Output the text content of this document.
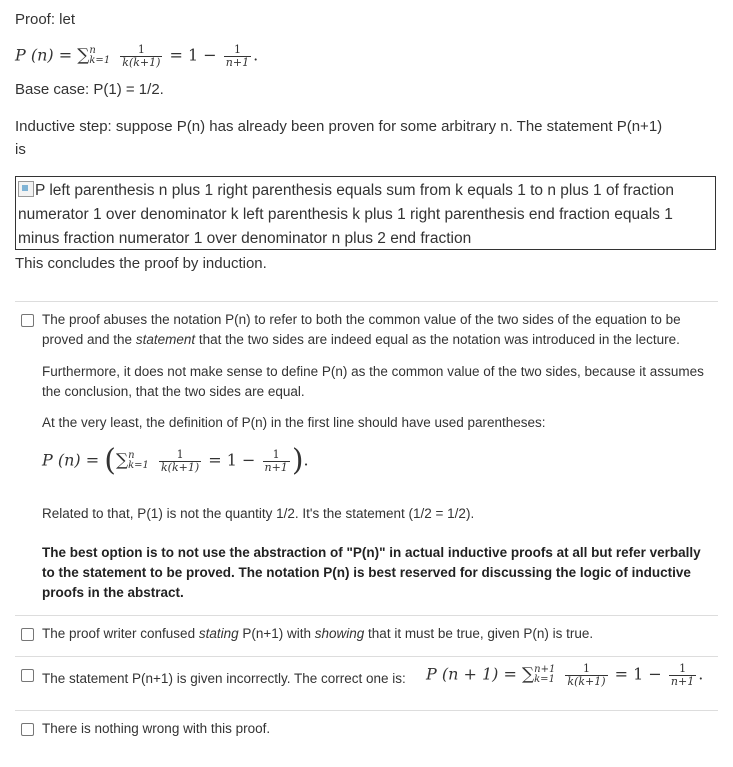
Proof: let
P (n) = ∑ n
k=1
$\frac{1}{k(k+1)} = 1 - \frac{1}{n+1}$ .
Base case: P(1) = 1/2.
Inductive step: suppose P(n) has already been proven for some arbitrary n. The statement P(n+1)
is
P left parenthesis n plus 1 right parenthesis equals sum from k equals 1 to n plus 1 of fraction numerator 1 over denominator k left parenthesis k plus 1 right parenthesis end fraction equals 1 minus fraction numerator 1 over denominator n plus 2 end fraction
This concludes the proof by induction.
The proof abuses the notation P(n) to refer to both the common value of the two sides of the equation to be proved and the statement that the two sides are indeed equal as the notation was introduced in the lecture.
Furthermore, it does not make sense to define P(n) as the common value of the two sides, because it assumes the conclusion, that the two sides are equal.
At the very least, the definition of P(n) in the first line should have used parentheses:
P (n) = (∑ n
k=1
$\frac{1}{k(k+1)} = 1 - \frac{1}{n+1}$ ).
Related to that, P(1) is not the quantity 1/2. It's the statement (1/2 = 1/2).
The best option is to not use the abstraction of "P(n)" in actual inductive proofs at all but refer verbally to the statement to be proved. The notation P(n) is best reserved for discussing the logic of inductive proofs in the abstract.
The proof writer confused stating P(n+1) with showing that it must be true, given P(n) is true.
The statement P(n+1) is given incorrectly. The correct one is: P (n + 1) = ∑ n+1
k=1
$\frac{1}{k(k+1)} = 1 - \frac{1}{n+1}$ .
There is nothing wrong with this proof.
